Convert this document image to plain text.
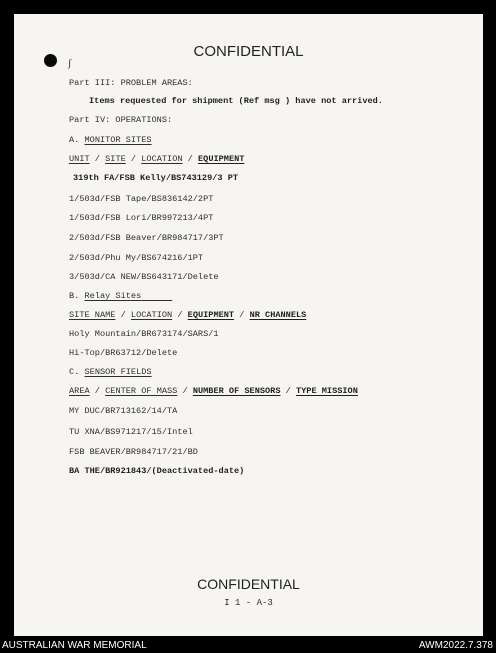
ʃ
CONFIDENTIAL
Part III: PROBLEM AREAS:
Items requested for shipment (Ref msg ) have not arrived.
Part IV: OPERATIONS:
A. MONITOR SITES
UNIT / SITE / LOCATION / EQUIPMENT
319th FA/FSB Kelly/BS743129/3 PT
1/503d/FSB Tape/BS836142/2PT
1/503d/FSB Lori/BR997213/4PT
2/503d/FSB Beaver/BR984717/3PT
2/503d/Phu My/BS674216/1PT
3/503d/CA NEW/BS643171/Delete
B. Relay Sites
SITE NAME / LOCATION / EQUIPMENT / NR CHANNELS
Holy Mountain/BR673174/SARS/1
Hi-Top/BR63712/Delete
C. SENSOR FIELDS
AREA / CENTER OF MASS / NUMBER OF SENSORS / TYPE MISSION
MY DUC/BR713162/14/TA
TU XNA/BS971217/15/Intel
FSB BEAVER/BR984717/21/BD
BA THE/BR921843/(Deactivated-date)
CONFIDENTIAL
I 1 - A-3
AUSTRALIAN WAR MEMORIAL	AWM2022.7.378
